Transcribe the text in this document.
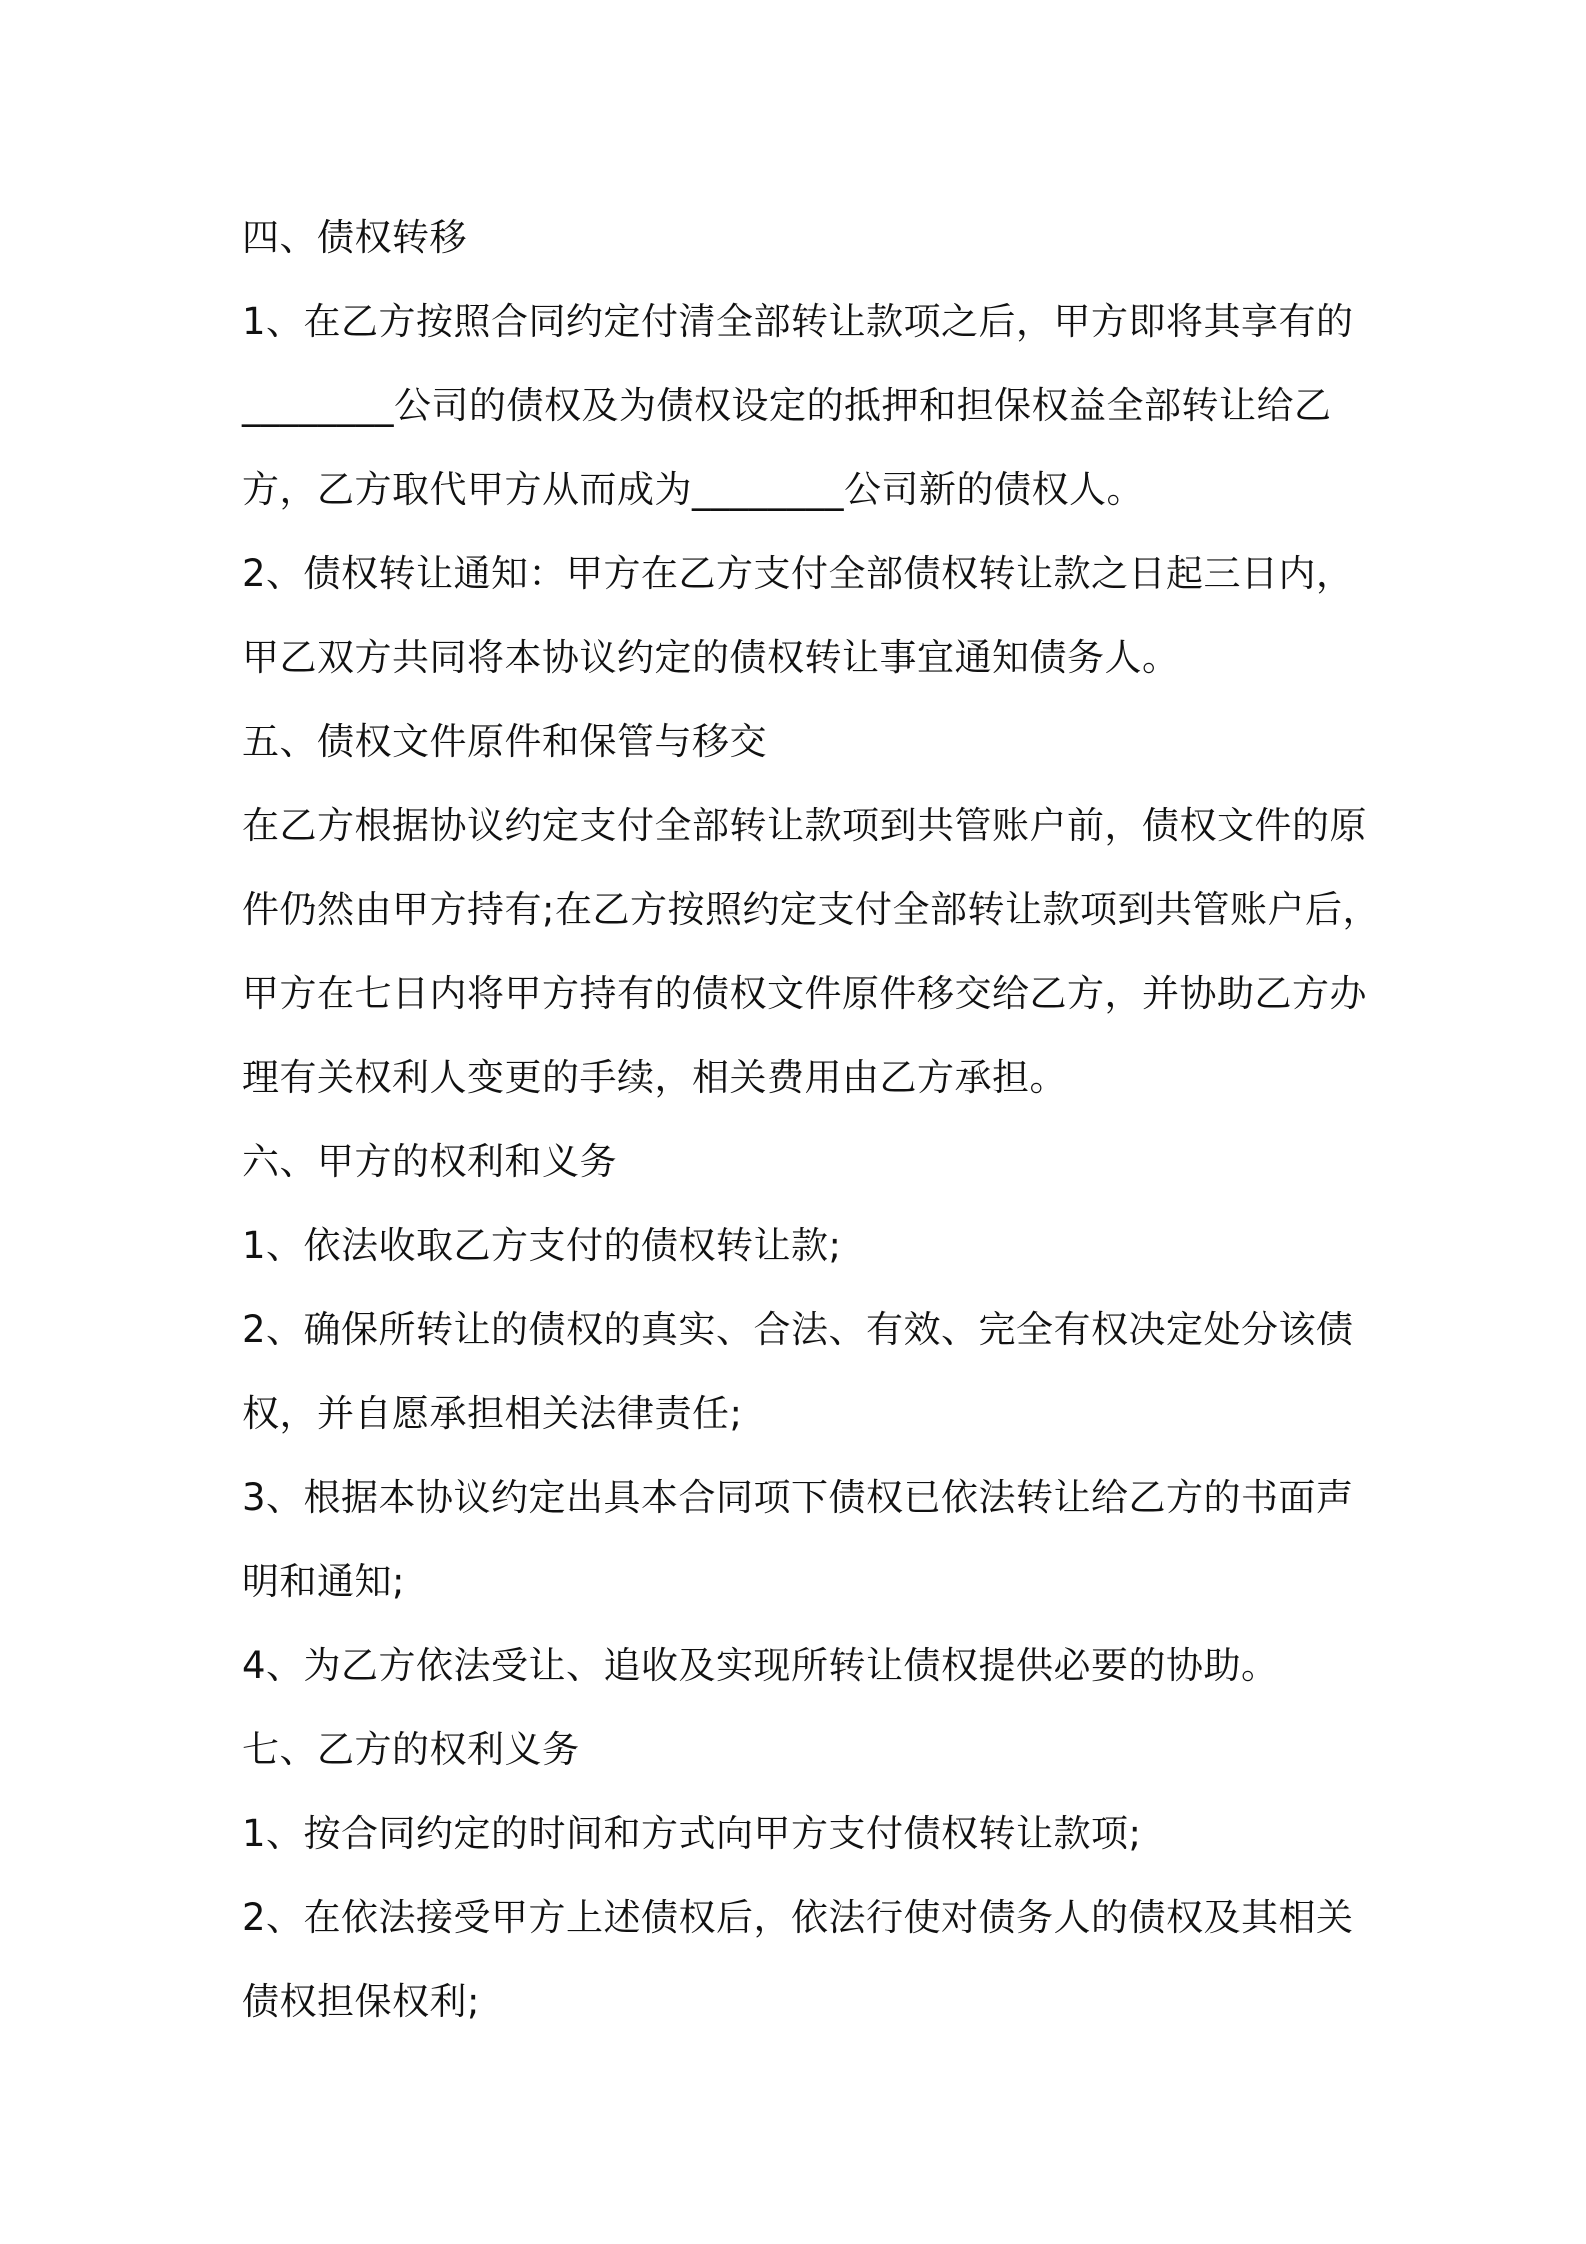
四、债权转移
1、在乙方按照合同约定付清全部转让款项之后，甲方即将其享有的
________公司的债权及为债权设定的抵押和担保权益全部转让给乙
方，乙方取代甲方从而成为________公司新的债权人。
2、债权转让通知：甲方在乙方支付全部债权转让款之日起三日内，
甲乙双方共同将本协议约定的债权转让事宜通知债务人。
五、债权文件原件和保管与移交
在乙方根据协议约定支付全部转让款项到共管账户前，债权文件的原
件仍然由甲方持有;在乙方按照约定支付全部转让款项到共管账户后，
甲方在七日内将甲方持有的债权文件原件移交给乙方，并协助乙方办
理有关权利人变更的手续，相关费用由乙方承担。
六、甲方的权利和义务
1、依法收取乙方支付的债权转让款;
2、确保所转让的债权的真实、合法、有效、完全有权决定处分该债
权，并自愿承担相关法律责任;
3、根据本协议约定出具本合同项下债权已依法转让给乙方的书面声
明和通知;
4、为乙方依法受让、追收及实现所转让债权提供必要的协助。
七、乙方的权利义务
1、按合同约定的时间和方式向甲方支付债权转让款项;
2、在依法接受甲方上述债权后，依法行使对债务人的债权及其相关
债权担保权利;
